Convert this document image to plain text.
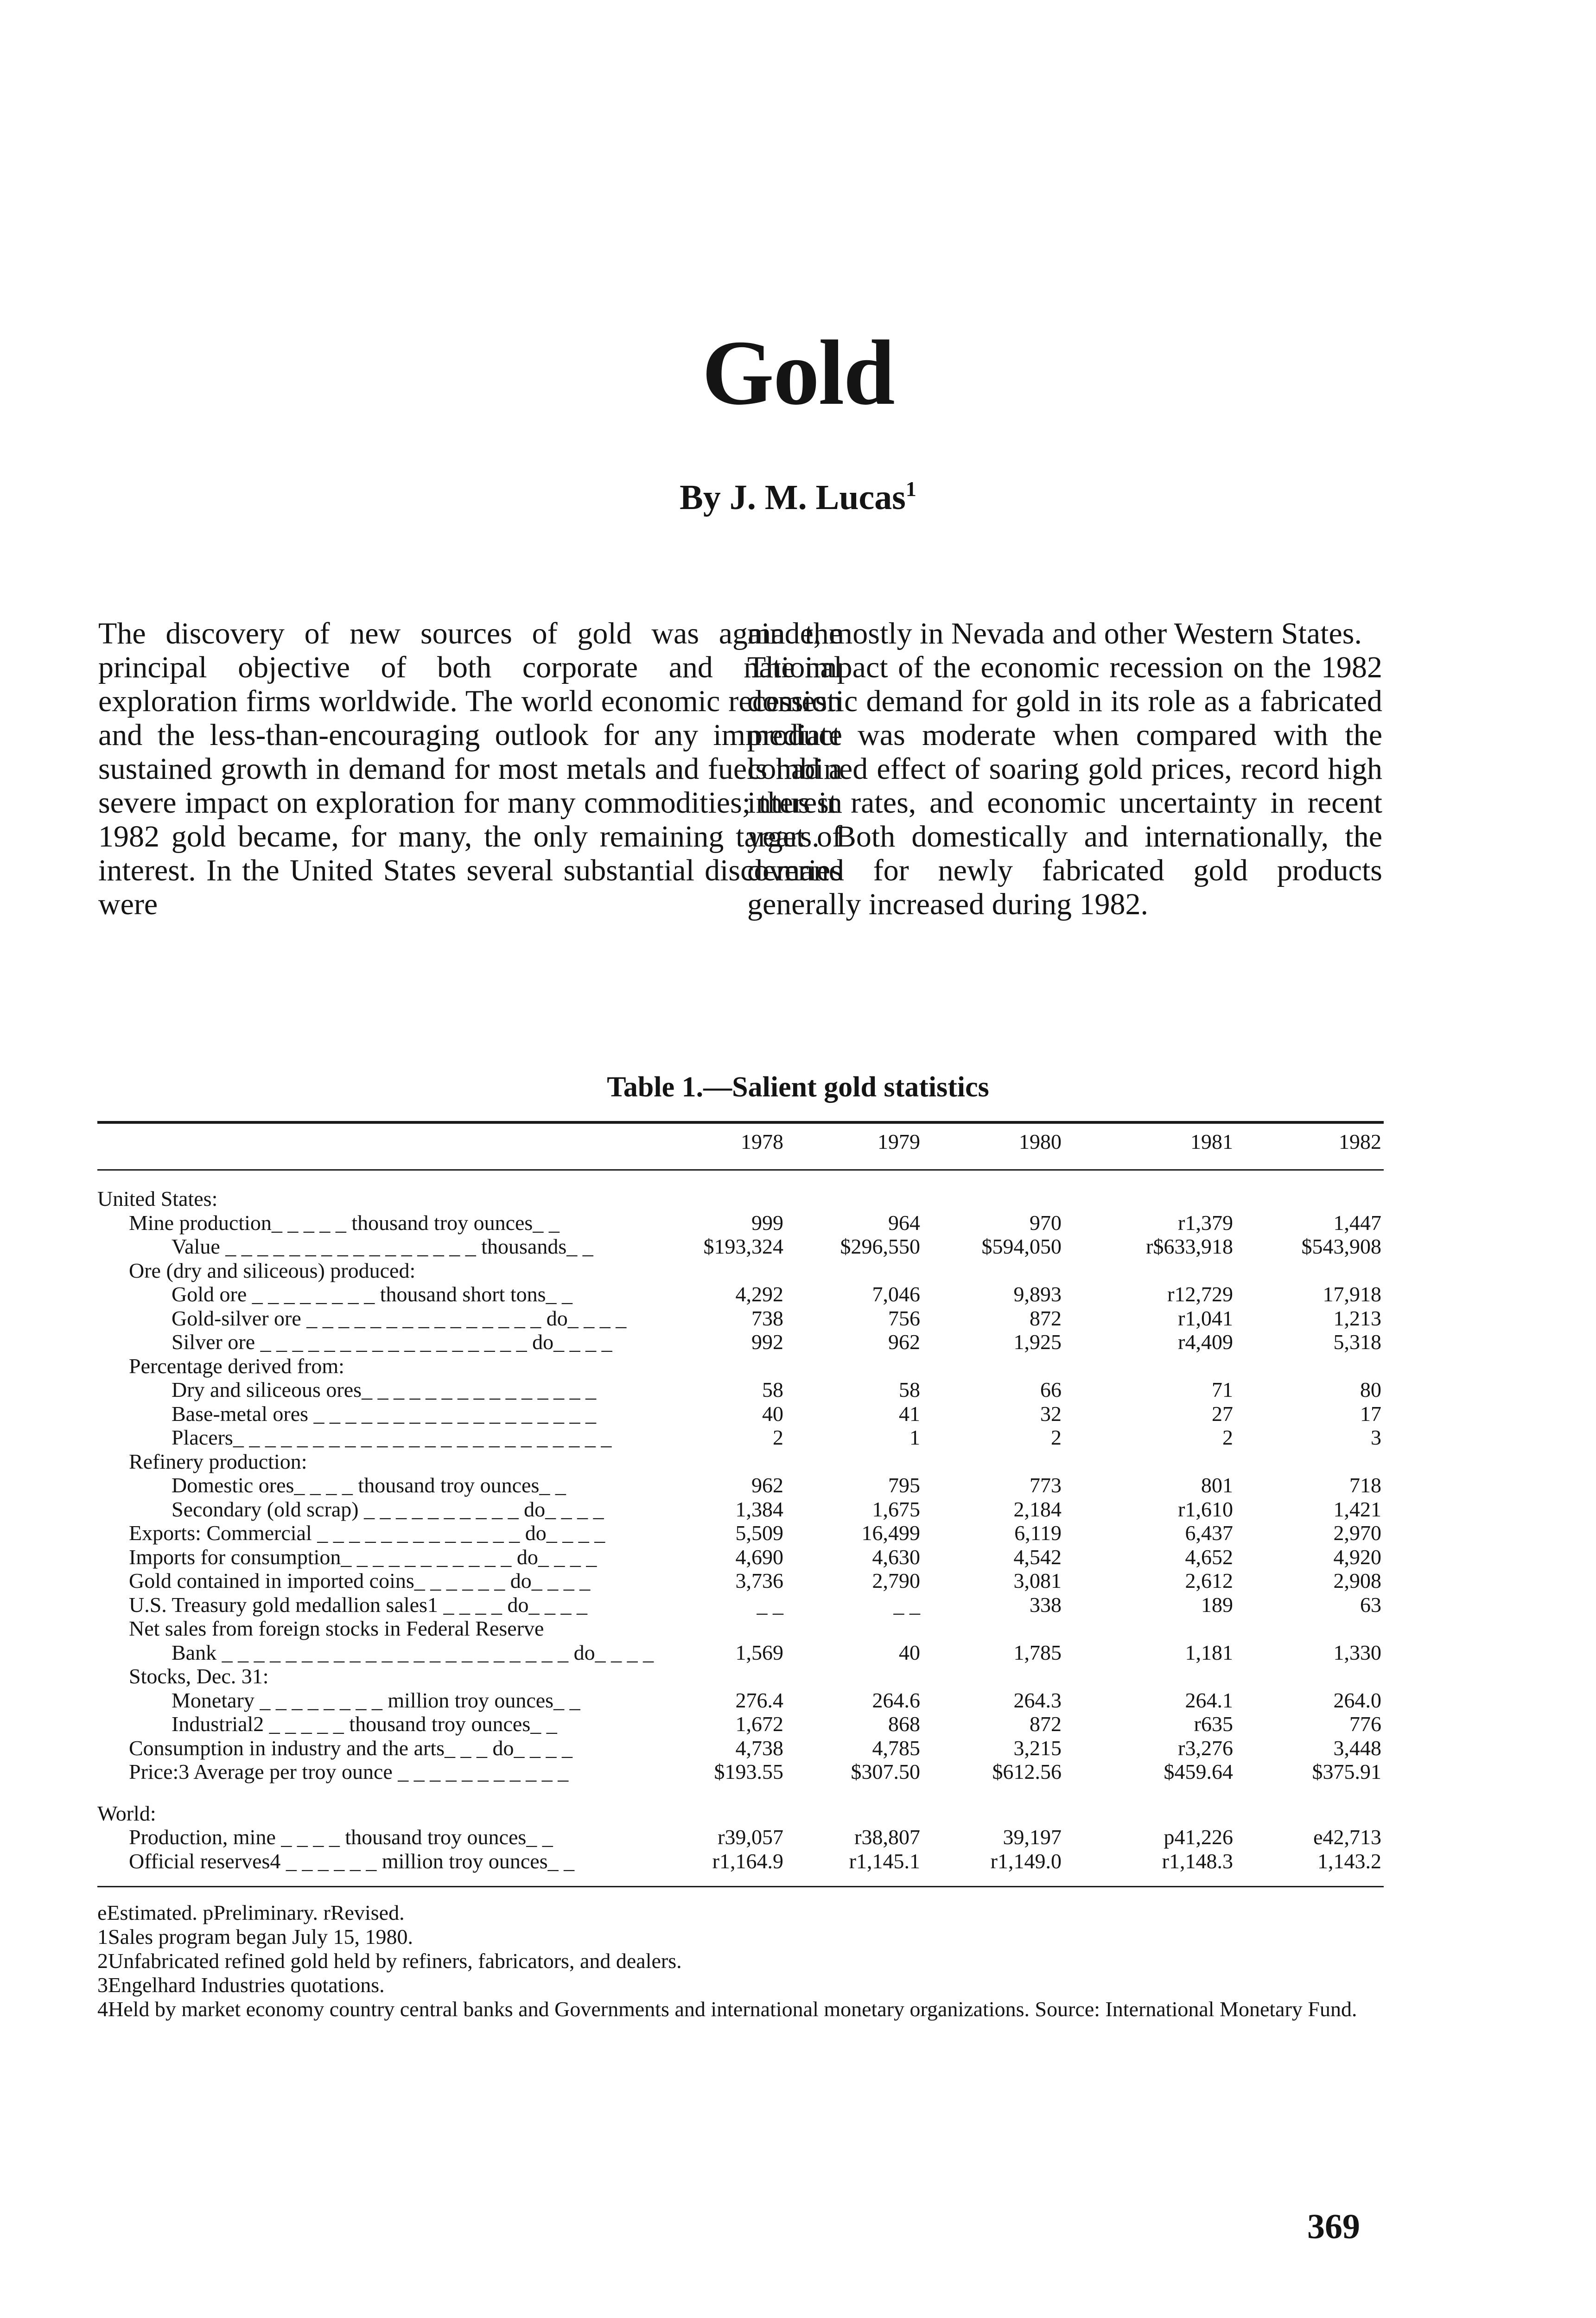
Gold
By J. M. Lucas$^1$

The discovery of new sources of gold was again the principal objective of both corporate and national exploration firms worldwide. The world economic recession and the less-than-encouraging outlook for any immediate sustained growth in demand for most metals and fuels had a severe impact on exploration for many commodities; thus in 1982 gold became, for many, the only remaining target of interest. In the United States several substantial discoveries were

made, mostly in Nevada and other Western States.

The impact of the economic recession on the 1982 domestic demand for gold in its role as a fabricated product was moderate when compared with the combined effect of soaring gold prices, record high interest rates, and economic uncertainty in recent years. Both domestically and internationally, the demand for newly fabricated gold products generally increased during 1982.

Table 1.—Salient gold statistics
1978	1979	1980	1981	1982
United States:
Mine production_ _ _ _ _ thousand troy ounces_ _	999	964	970	r1,379	1,447
Value _ _ _ _ _ _ _ _ _ _ _ _ _ _ _ _ thousands_ _	$193,324	$296,550	$594,050	r$633,918	$543,908
Ore (dry and siliceous) produced:
Gold ore _ _ _ _ _ _ _ _ thousand short tons_ _	4,292	7,046	9,893	r12,729	17,918
Gold-silver ore _ _ _ _ _ _ _ _ _ _ _ _ _ _ _ do_ _ _ _	738	756	872	r1,041	1,213
Silver ore _ _ _ _ _ _ _ _ _ _ _ _ _ _ _ _ _ do_ _ _ _	992	962	1,925	r4,409	5,318
Percentage derived from:
Dry and siliceous ores_ _ _ _ _ _ _ _ _ _ _ _ _ _ _	58	58	66	71	80
Base-metal ores _ _ _ _ _ _ _ _ _ _ _ _ _ _ _ _ _ _	40	41	32	27	17
Placers_ _ _ _ _ _ _ _ _ _ _ _ _ _ _ _ _ _ _ _ _ _ _ _	2	1	2	2	3
Refinery production:
Domestic ores_ _ _ _ thousand troy ounces_ _	962	795	773	801	718
Secondary (old scrap) _ _ _ _ _ _ _ _ _ _ do_ _ _ _	1,384	1,675	2,184	r1,610	1,421
Exports: Commercial _ _ _ _ _ _ _ _ _ _ _ _ _ do_ _ _ _	5,509	16,499	6,119	6,437	2,970
Imports for consumption_ _ _ _ _ _ _ _ _ _ _ do_ _ _ _	4,690	4,630	4,542	4,652	4,920
Gold contained in imported coins_ _ _ _ _ _ do_ _ _ _	3,736	2,790	3,081	2,612	2,908
U.S. Treasury gold medallion sales1 _ _ _ _ do_ _ _ _	_ _	_ _	338	189	63
Net sales from foreign stocks in Federal Reserve
Bank _ _ _ _ _ _ _ _ _ _ _ _ _ _ _ _ _ _ _ _ _ _ do_ _ _ _	1,569	40	1,785	1,181	1,330
Stocks, Dec. 31:
Monetary _ _ _ _ _ _ _ _ million troy ounces_ _	276.4	264.6	264.3	264.1	264.0
Industrial2 _ _ _ _ _ thousand troy ounces_ _	1,672	868	872	r635	776
Consumption in industry and the arts_ _ _ do_ _ _ _	4,738	4,785	3,215	r3,276	3,448
Price:3 Average per troy ounce _ _ _ _ _ _ _ _ _ _ _	$193.55	$307.50	$612.56	$459.64	$375.91
World:
Production, mine _ _ _ _ thousand troy ounces_ _	r39,057	r38,807	39,197	p41,226	e42,713
Official reserves4 _ _ _ _ _ _ million troy ounces_ _	r1,164.9	r1,145.1	r1,149.0	r1,148.3	1,143.2
eEstimated. pPreliminary. rRevised.
1Sales program began July 15, 1980.
2Unfabricated refined gold held by refiners, fabricators, and dealers.
3Engelhard Industries quotations.
4Held by market economy country central banks and Governments and international monetary organizations. Source: International Monetary Fund.
369
